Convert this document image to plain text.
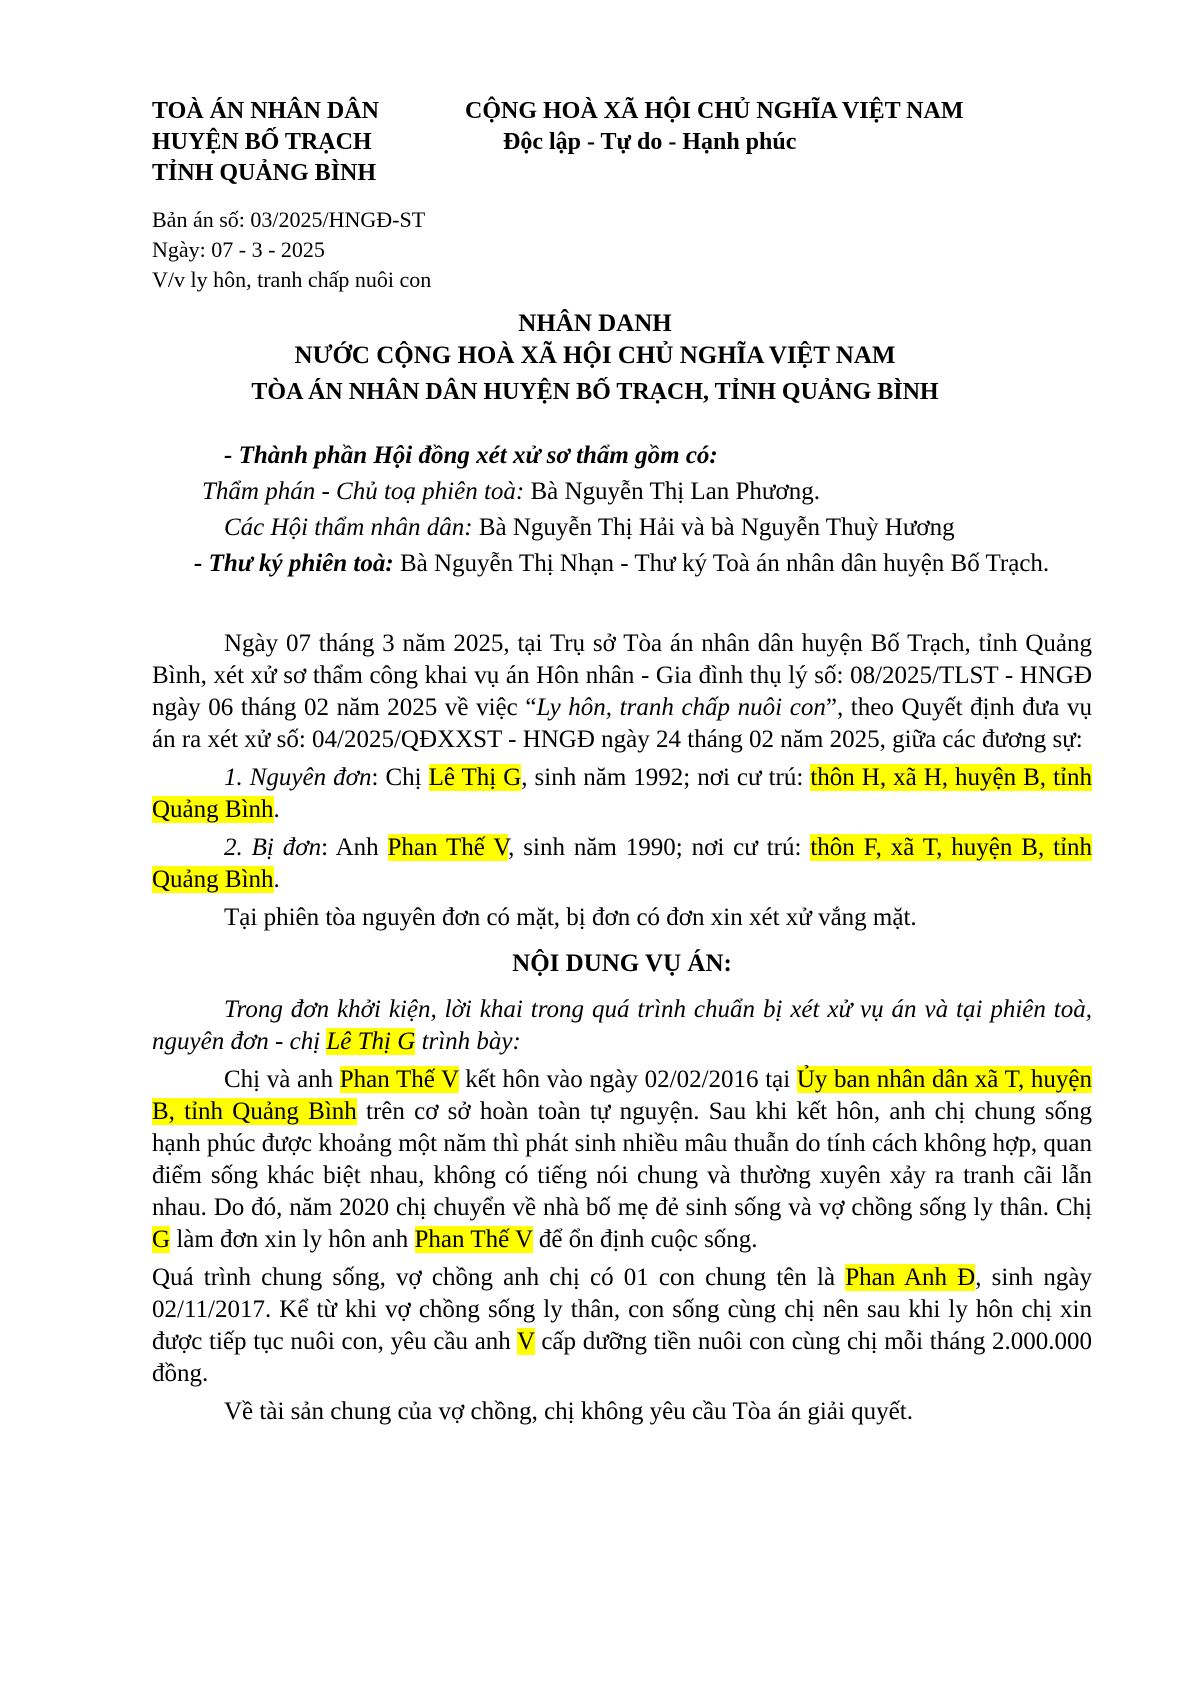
TOÀ ÁN NHÂN DÂN
HUYỆN BỐ TRẠCH
TỈNH QUẢNG BÌNH
CỘNG HOÀ XÃ HỘI CHỦ NGHĨA VIỆT NAM
Độc lập - Tự do - Hạnh phúc
Bản án số: 03/2025/HNGĐ-ST
Ngày: 07 - 3 - 2025
V/v ly hôn, tranh chấp nuôi con
NHÂN DANH
NƯỚC CỘNG HOÀ XÃ HỘI CHỦ NGHĨA VIỆT NAM
TÒA ÁN NHÂN DÂN HUYỆN BỐ TRẠCH, TỈNH QUẢNG BÌNH
- Thành phần Hội đồng xét xử sơ thẩm gồm có:
Thẩm phán - Chủ toạ phiên toà: Bà Nguyễn Thị Lan Phương.
Các Hội thẩm nhân dân: Bà Nguyễn Thị Hải và bà Nguyễn Thuỳ Hương

- Thư ký phiên toà: Bà Nguyễn Thị Nhạn - Thư ký Toà án nhân dân huyện Bố Trạch.

Ngày 07 tháng 3 năm 2025, tại Trụ sở Tòa án nhân dân huyện Bố Trạch, tỉnh Quảng Bình, xét xử sơ thẩm công khai vụ án Hôn nhân - Gia đình thụ lý số: 08/2025/TLST - HNGĐ ngày 06 tháng 02 năm 2025 về việc “Ly hôn, tranh chấp nuôi con”, theo Quyết định đưa vụ án ra xét xử số: 04/2025/QĐXXST - HNGĐ ngày 24 tháng 02 năm 2025, giữa các đương sự:

1. Nguyên đơn: Chị Lê Thị G, sinh năm 1992; nơi cư trú: thôn H, xã H, huyện B, tỉnh Quảng Bình.

2. Bị đơn: Anh Phan Thế V, sinh năm 1990; nơi cư trú: thôn F, xã T, huyện B, tỉnh Quảng Bình.

Tại phiên tòa nguyên đơn có mặt, bị đơn có đơn xin xét xử vắng mặt.

NỘI DUNG VỤ ÁN:

Trong đơn khởi kiện, lời khai trong quá trình chuẩn bị xét xử vụ án và tại phiên toà, nguyên đơn - chị Lê Thị G trình bày:

Chị và anh Phan Thế V kết hôn vào ngày 02/02/2016 tại Ủy ban nhân dân xã T, huyện B, tỉnh Quảng Bình trên cơ sở hoàn toàn tự nguyện. Sau khi kết hôn, anh chị chung sống hạnh phúc được khoảng một năm thì phát sinh nhiều mâu thuẫn do tính cách không hợp, quan điểm sống khác biệt nhau, không có tiếng nói chung và thường xuyên xảy ra tranh cãi lẫn nhau. Do đó, năm 2020 chị chuyển về nhà bố mẹ đẻ sinh sống và vợ chồng sống ly thân. Chị G làm đơn xin ly hôn anh Phan Thế V để ổn định cuộc sống.

Quá trình chung sống, vợ chồng anh chị có 01 con chung tên là Phan Anh Đ, sinh ngày 02/11/2017. Kể từ khi vợ chồng sống ly thân, con sống cùng chị nên sau khi ly hôn chị xin được tiếp tục nuôi con, yêu cầu anh V cấp dưỡng tiền nuôi con cùng chị mỗi tháng 2.000.000 đồng.

Về tài sản chung của vợ chồng, chị không yêu cầu Tòa án giải quyết.
